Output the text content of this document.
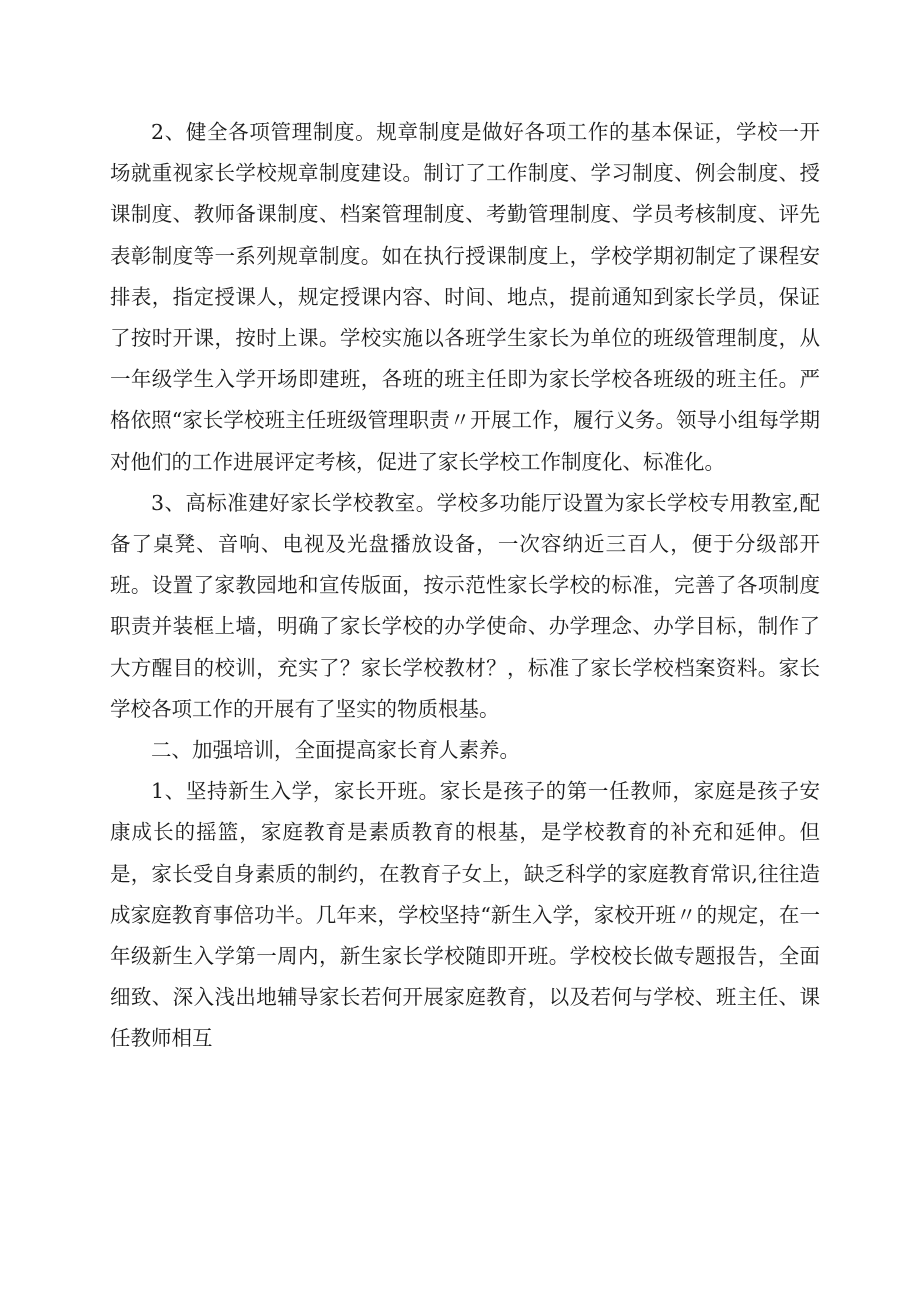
2、健全各项管理制度。规章制度是做好各项工作的基本保证，学校一开场就重视家长学校规章制度建设。制订了工作制度、学习制度、例会制度、授课制度、教师备课制度、档案管理制度、考勤管理制度、学员考核制度、评先表彰制度等一系列规章制度。如在执行授课制度上，学校学期初制定了课程安排表，指定授课人，规定授课内容、时间、地点，提前通知到家长学员，保证了按时开课，按时上课。学校实施以各班学生家长为单位的班级管理制度，从一年级学生入学开场即建班，各班的班主任即为家长学校各班级的班主任。严格依照“家长学校班主任班级管理职责〃开展工作，履行义务。领导小组每学期对他们的工作进展评定考核，促进了家长学校工作制度化、标准化。

3、高标准建好家长学校教室。学校多功能厅设置为家长学校专用教室,配备了桌凳、音响、电视及光盘播放设备，一次容纳近三百人，便于分级部开班。设置了家教园地和宣传版面，按示范性家长学校的标准，完善了各项制度职责并装框上墙，明确了家长学校的办学使命、办学理念、办学目标，制作了大方醒目的校训，充实了？家长学校教材？，标准了家长学校档案资料。家长学校各项工作的开展有了坚实的物质根基。

二、加强培训，全面提高家长育人素养。

1、坚持新生入学，家长开班。家长是孩子的第一任教师，家庭是孩子安康成长的摇篮，家庭教育是素质教育的根基，是学校教育的补充和延伸。但是，家长受自身素质的制约，在教育子女上，缺乏科学的家庭教育常识,往往造成家庭教育事倍功半。几年来，学校坚持“新生入学，家校开班〃的规定，在一年级新生入学第一周内，新生家长学校随即开班。学校校长做专题报告，全面细致、深入浅出地辅导家长若何开展家庭教育，以及若何与学校、班主任、课任教师相互
